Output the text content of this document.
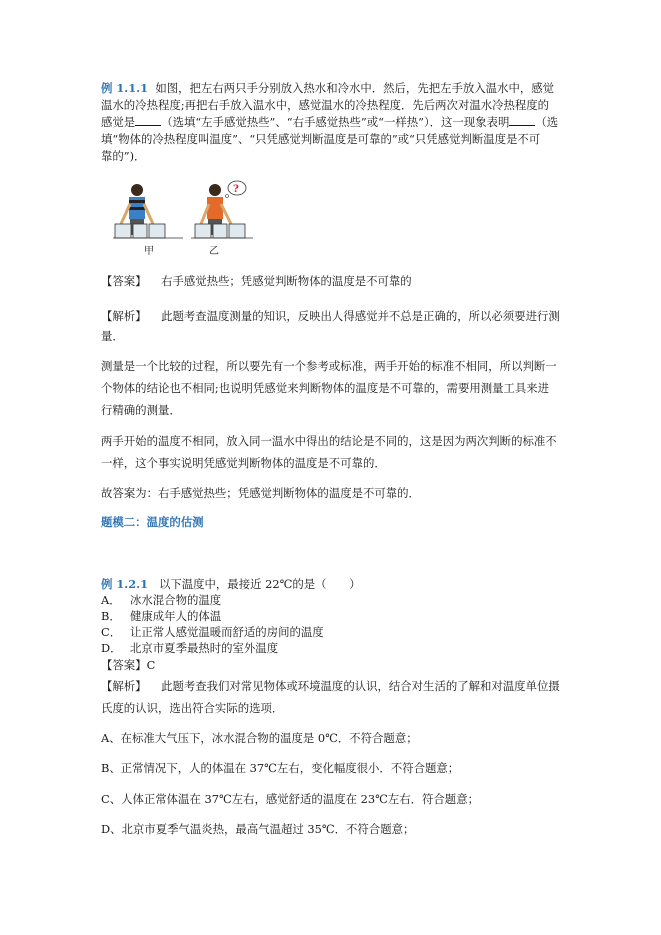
例 1.1.1 如图，把左右两只手分别放入热水和冷水中．然后，先把左手放入温水中，感觉
温水的冷热程度;再把右手放入温水中，感觉温水的冷热程度．先后两次对温水冷热程度的
感觉是 （选填“左手感觉热些”、“右手感觉热些”或“一样热”）．这一现象表明 （选
填“物体的冷热程度叫温度”、“只凭感觉判断温度是可靠的”或“只凭感觉判断温度是不可
靠的”)．
?
甲	乙
【答案】 右手感觉热些；凭感觉判断物体的温度是不可靠的
【解析】 此题考查温度测量的知识，反映出人得感觉并不总是正确的，所以必须要进行测
量．
测量是一个比较的过程，所以要先有一个参考或标准，两手开始的标准不相同，所以判断一
个物体的结论也不相同;也说明凭感觉来判断物体的温度是不可靠的，需要用测量工具来进
行精确的测量．
两手开始的温度不相同，放入同一温水中得出的结论是不同的，这是因为两次判断的标准不
一样，这个事实说明凭感觉判断物体的温度是不可靠的．
故答案为：右手感觉热些；凭感觉判断物体的温度是不可靠的．
题模二：温度的估测
例 1.2.1 以下温度中，最接近 22℃的是（　　）
A． 冰水混合物的温度
B． 健康成年人的体温
C． 让正常人感觉温暖而舒适的房间的温度
D． 北京市夏季最热时的室外温度
【答案】C
【解析】 此题考查我们对常见物体或环境温度的认识，结合对生活的了解和对温度单位摄
氏度的认识，选出符合实际的选项．
A、在标准大气压下，冰水混合物的温度是 0℃．不符合题意；
B、正常情况下，人的体温在 37℃左右，变化幅度很小．不符合题意；
C、人体正常体温在 37℃左右，感觉舒适的温度在 23℃左右．符合题意；
D、北京市夏季气温炎热，最高气温超过 35℃．不符合题意；
